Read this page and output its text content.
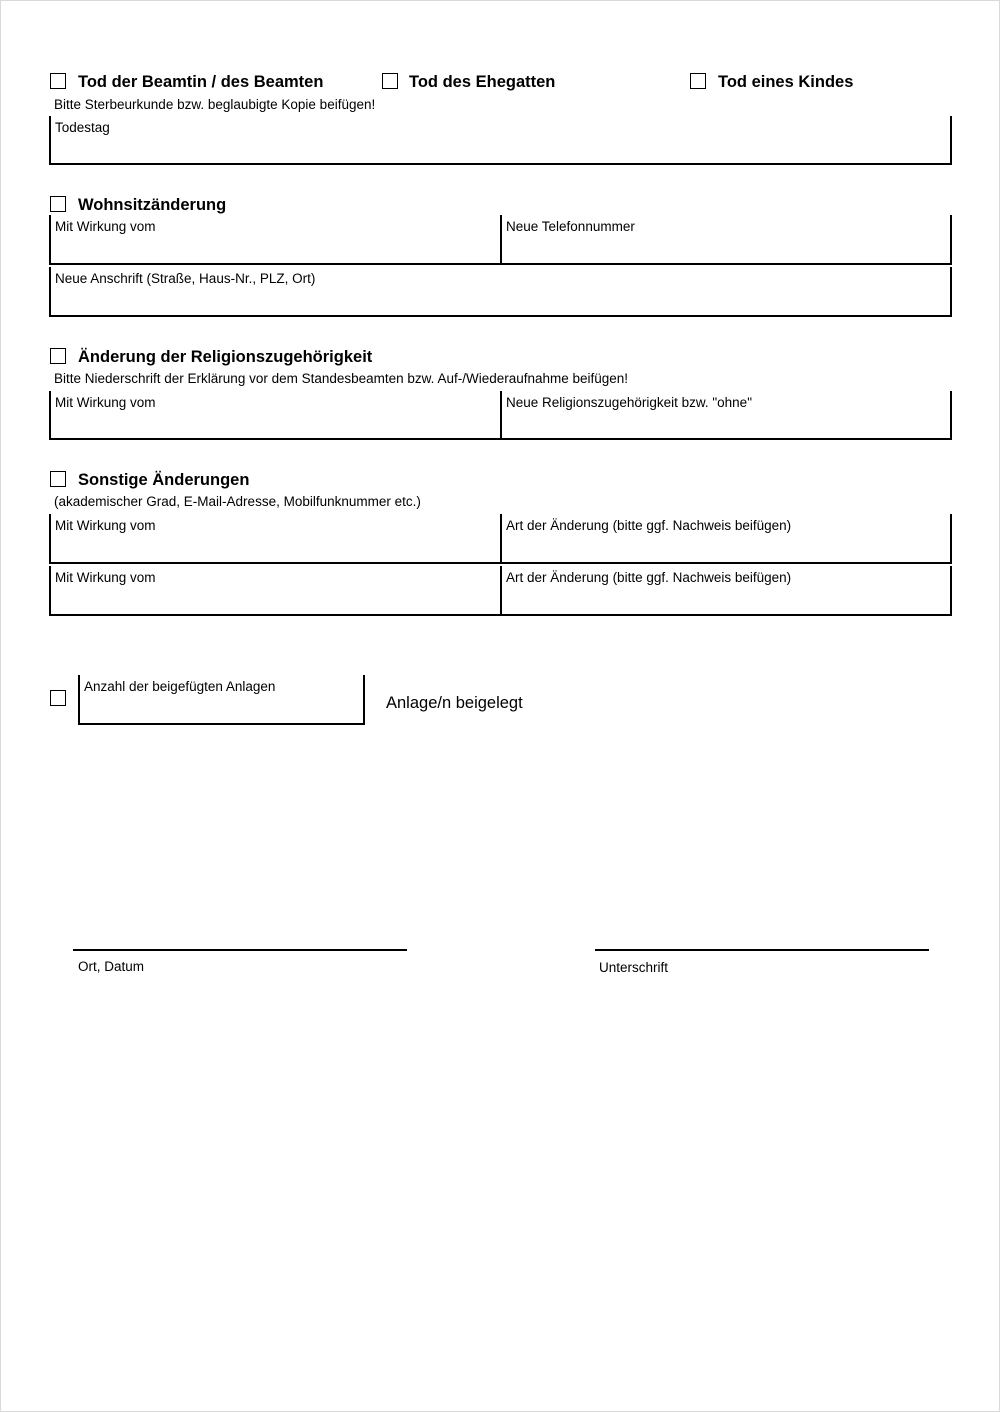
Tod der Beamtin / des Beamten	Tod des Ehegatten	Tod eines Kindes
Bitte Sterbeurkunde bzw. beglaubigte Kopie beifügen!
Todestag
Wohnsitzänderung
Mit Wirkung vom	Neue Telefonnummer
Neue Anschrift (Straße, Haus-Nr., PLZ, Ort)
Änderung der Religionszugehörigkeit
Bitte Niederschrift der Erklärung vor dem Standesbeamten bzw. Auf-/Wiederaufnahme beifügen!
Mit Wirkung vom	Neue Religionszugehörigkeit bzw. "ohne"
Sonstige Änderungen
(akademischer Grad, E-Mail-Adresse, Mobilfunknummer etc.)
Mit Wirkung vom	Art der Änderung (bitte ggf. Nachweis beifügen)
Mit Wirkung vom	Art der Änderung (bitte ggf. Nachweis beifügen)
Anzahl der beigefügten Anlagen
Anlage/n beigelegt
Ort, Datum	Unterschrift
